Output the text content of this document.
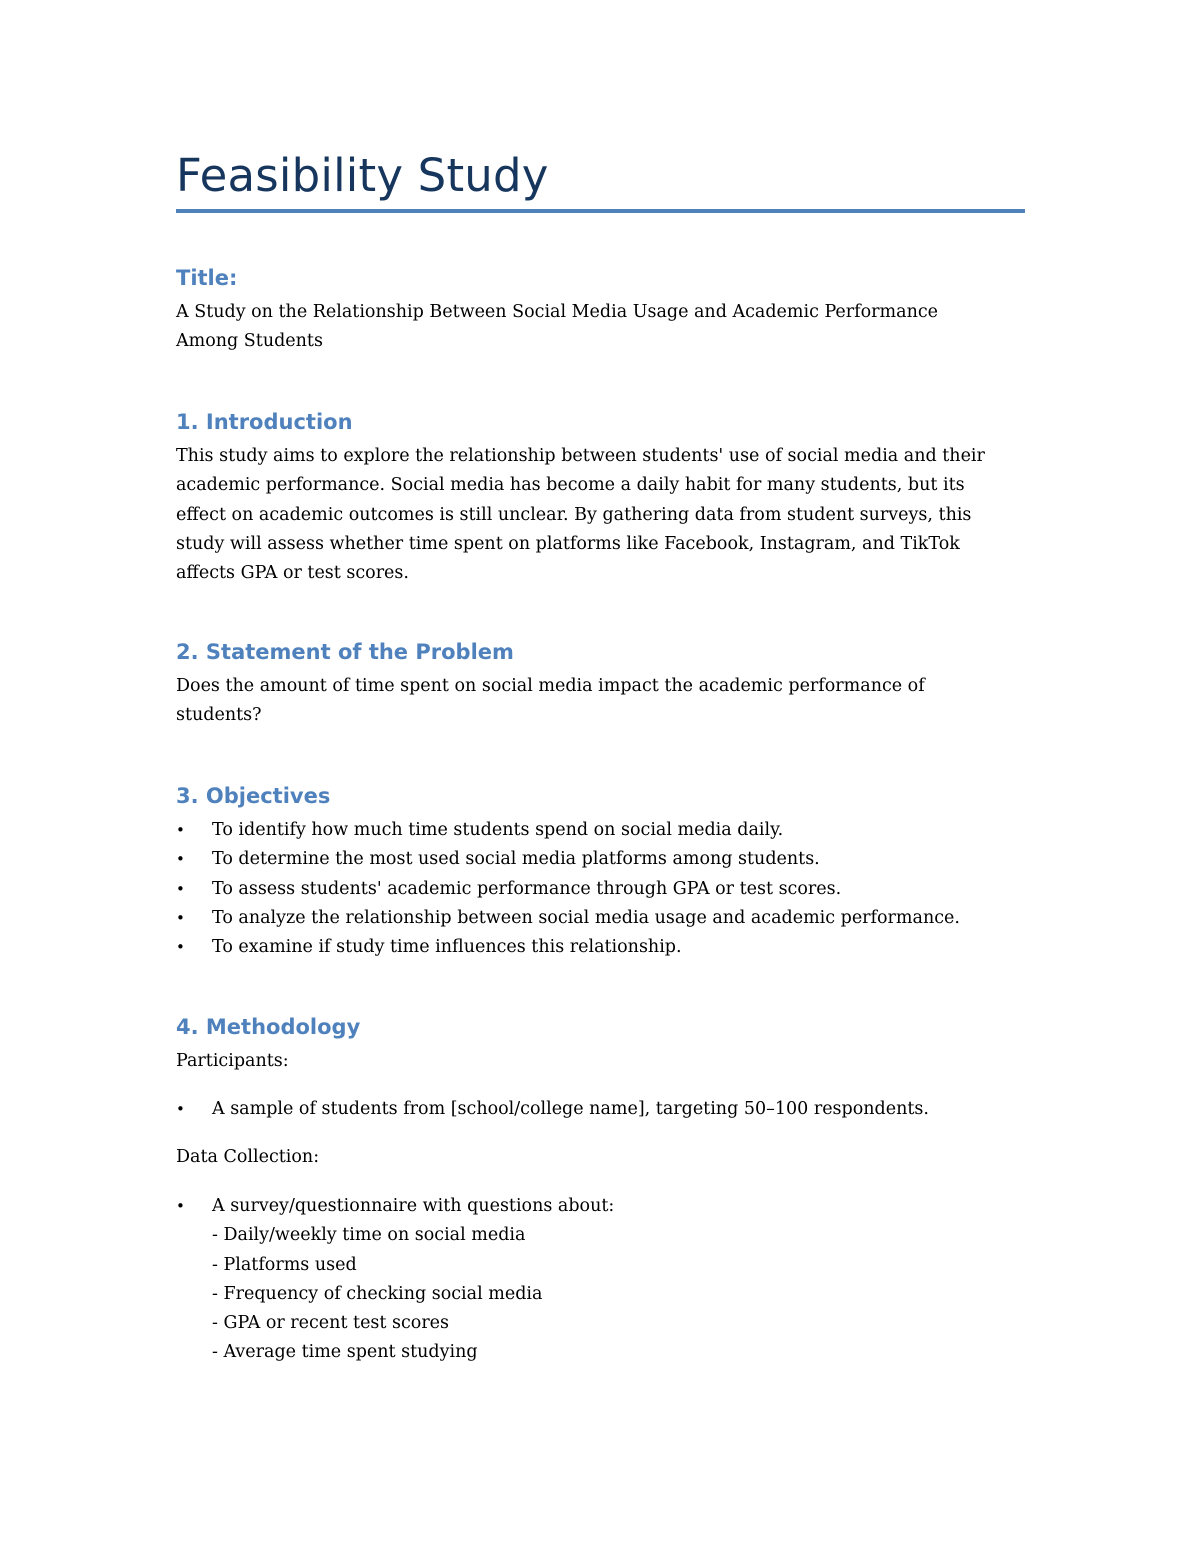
Feasibility Study
Title:

A Study on the Relationship Between Social Media Usage and Academic Performance
Among Students

1. Introduction

This study aims to explore the relationship between students' use of social media and their
academic performance. Social media has become a daily habit for many students, but its
effect on academic outcomes is still unclear. By gathering data from student surveys, this
study will assess whether time spent on platforms like Facebook, Instagram, and TikTok
affects GPA or test scores.

2. Statement of the Problem

Does the amount of time spent on social media impact the academic performance of
students?

3. Objectives
• To identify how much time students spend on social media daily.
• To determine the most used social media platforms among students.
• To assess students' academic performance through GPA or test scores.
• To analyze the relationship between social media usage and academic performance.
• To examine if study time influences this relationship.
4. Methodology

Participants:

• A sample of students from [school/college name], targeting 50–100 respondents.

Data Collection:

• A survey/questionnaire with questions about:
- Daily/weekly time on social media
- Platforms used
- Frequency of checking social media
- GPA or recent test scores
- Average time spent studying
